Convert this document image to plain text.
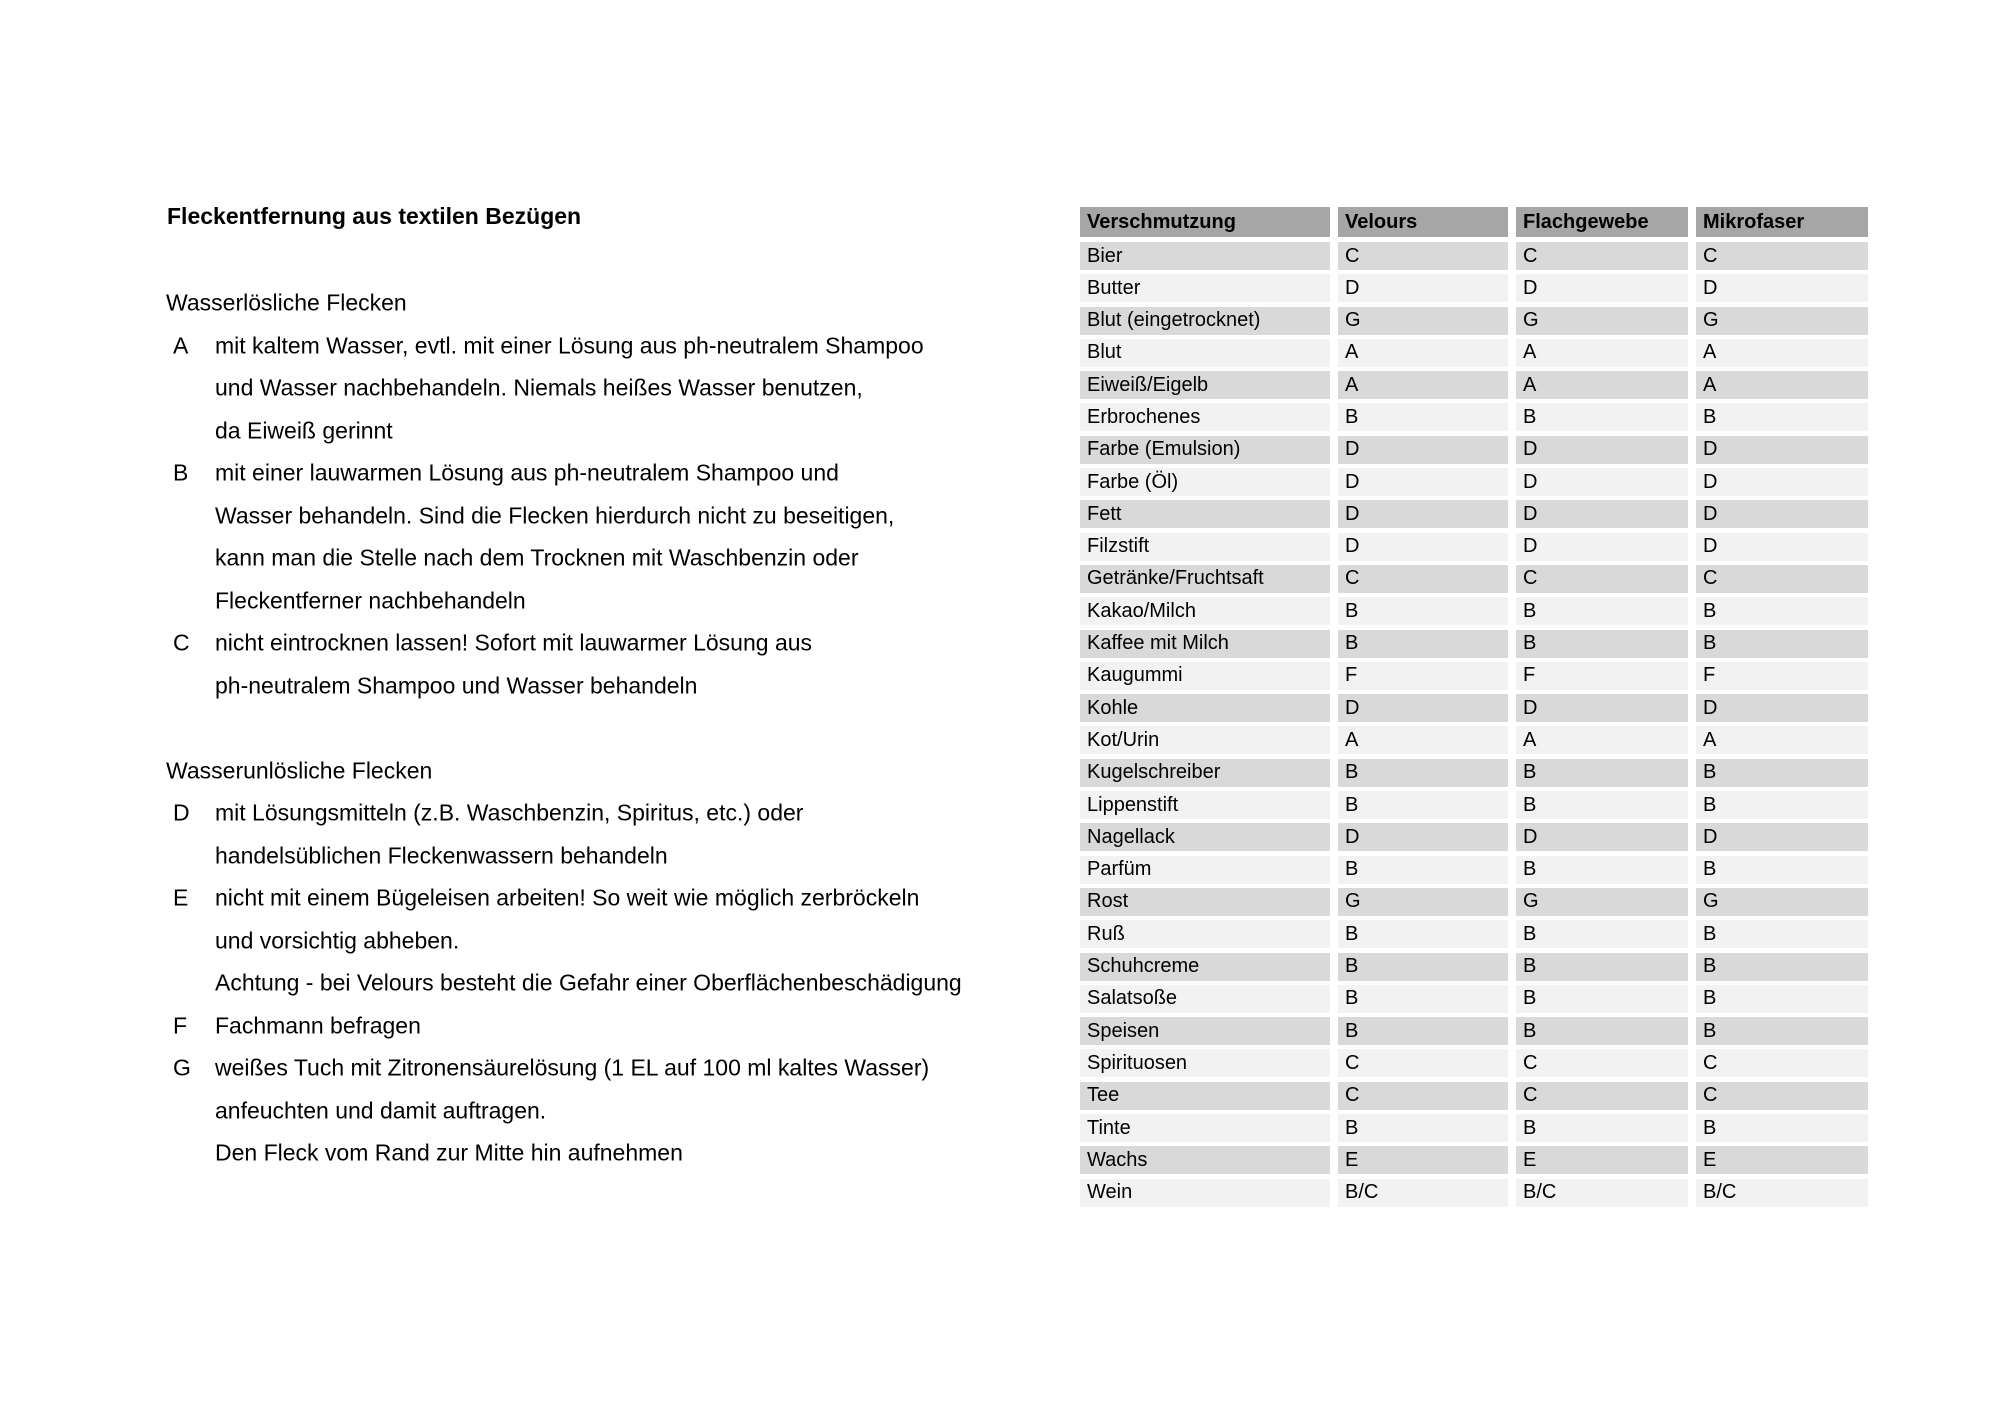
Fleckentfernung aus textilen Bezügen
Wasserlösliche Flecken
A mit kaltem Wasser, evtl. mit einer Lösung aus ph-neutralem Shampoo
und Wasser nachbehandeln. Niemals heißes Wasser benutzen,
da Eiweiß gerinnt
B mit einer lauwarmen Lösung aus ph-neutralem Shampoo und
Wasser behandeln. Sind die Flecken hierdurch nicht zu beseitigen,
kann man die Stelle nach dem Trocknen mit Waschbenzin oder
Fleckentferner nachbehandeln
C nicht eintrocknen lassen! Sofort mit lauwarmer Lösung aus
ph-neutralem Shampoo und Wasser behandeln
Wasserunlösliche Flecken
D mit Lösungsmitteln (z.B. Waschbenzin, Spiritus, etc.) oder
handelsüblichen Fleckenwassern behandeln
E nicht mit einem Bügeleisen arbeiten! So weit wie möglich zerbröckeln
und vorsichtig abheben.
Achtung - bei Velours besteht die Gefahr einer Oberflächenbeschädigung
F Fachmann befragen
G weißes Tuch mit Zitronensäurelösung (1 EL auf 100 ml kaltes Wasser)
anfeuchten und damit auftragen.
Den Fleck vom Rand zur Mitte hin aufnehmen
Verschmutzung	Velours	Flachgewebe	Mikrofaser
Bier	C	C	C
Butter	D	D	D
Blut (eingetrocknet)	G	G	G
Blut	A	A	A
Eiweiß/Eigelb	A	A	A
Erbrochenes	B	B	B
Farbe (Emulsion)	D	D	D
Farbe (Öl)	D	D	D
Fett	D	D	D
Filzstift	D	D	D
Getränke/Fruchtsaft	C	C	C
Kakao/Milch	B	B	B
Kaffee mit Milch	B	B	B
Kaugummi	F	F	F
Kohle	D	D	D
Kot/Urin	A	A	A
Kugelschreiber	B	B	B
Lippenstift	B	B	B
Nagellack	D	D	D
Parfüm	B	B	B
Rost	G	G	G
Ruß	B	B	B
Schuhcreme	B	B	B
Salatsoße	B	B	B
Speisen	B	B	B
Spirituosen	C	C	C
Tee	C	C	C
Tinte	B	B	B
Wachs	E	E	E
Wein	B/C	B/C	B/C
